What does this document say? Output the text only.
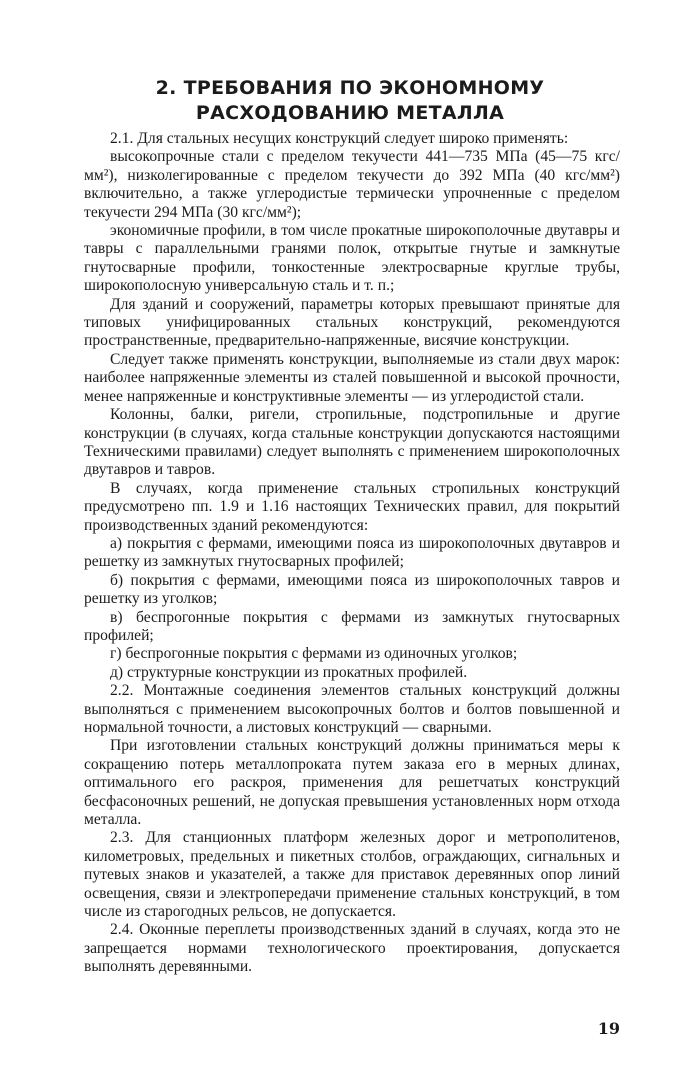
2. ТРЕБОВАНИЯ ПО ЭКОНОМНОМУ
РАСХОДОВАНИЮ МЕТАЛЛА

2.1. Для стальных несущих конструкций следует широко применять:

высокопрочные стали с пределом текучести 441—735 МПа (45—75 кгс/мм²), низколегированные с пределом текучести до 392 МПа (40 кгс/мм²) включительно, а также углеродистые термически упрочненные с пределом текучести 294 МПа (30 кгс/мм²);

экономичные профили, в том числе прокатные широкополочные двутавры и тавры с параллельными гранями полок, открытые гнутые и замкнутые гнутосварные профили, тонкостенные электросварные круглые трубы, широкополосную универсальную сталь и т. п.;

Для зданий и сооружений, параметры которых превышают принятые для типовых унифицированных стальных конструкций, рекомендуются пространственные, предварительно-напряженные, висячие конструкции.

Следует также применять конструкции, выполняемые из стали двух марок: наиболее напряженные элементы из сталей повышенной и высокой прочности, менее напряженные и конструктивные элементы — из углеродистой стали.

Колонны, балки, ригели, стропильные, подстропильные и другие конструкции (в случаях, когда стальные конструкции допускаются настоящими Техническими правилами) следует выполнять с применением широкополочных двутавров и тавров.

В случаях, когда применение стальных стропильных конструкций предусмотрено пп. 1.9 и 1.16 настоящих Технических правил, для покрытий производственных зданий рекомендуются:

а) покрытия с фермами, имеющими пояса из широкополочных двутавров и решетку из замкнутых гнутосварных профилей;

б) покрытия с фермами, имеющими пояса из широкополочных тавров и решетку из уголков;

в) беспрогонные покрытия с фермами из замкнутых гнутосварных профилей;

г) беспрогонные покрытия с фермами из одиночных уголков;

д) структурные конструкции из прокатных профилей.

2.2. Монтажные соединения элементов стальных конструкций должны выполняться с применением высокопрочных болтов и болтов повышенной и нормальной точности, а листовых конструкций — сварными.

При изготовлении стальных конструкций должны приниматься меры к сокращению потерь металлопроката путем заказа его в мерных длинах, оптимального его раскроя, применения для решетчатых конструкций бесфасоночных решений, не допуская превышения установленных норм отхода металла.

2.3. Для станционных платформ железных дорог и метрополитенов, километровых, предельных и пикетных столбов, ограждающих, сигнальных и путевых знаков и указателей, а также для приставок деревянных опор линий освещения, связи и электропередачи применение стальных конструкций, в том числе из старогодных рельсов, не допускается.

2.4. Оконные переплеты производственных зданий в случаях, когда это не запрещается нормами технологического проектирования, допускается выполнять деревянными.

19
